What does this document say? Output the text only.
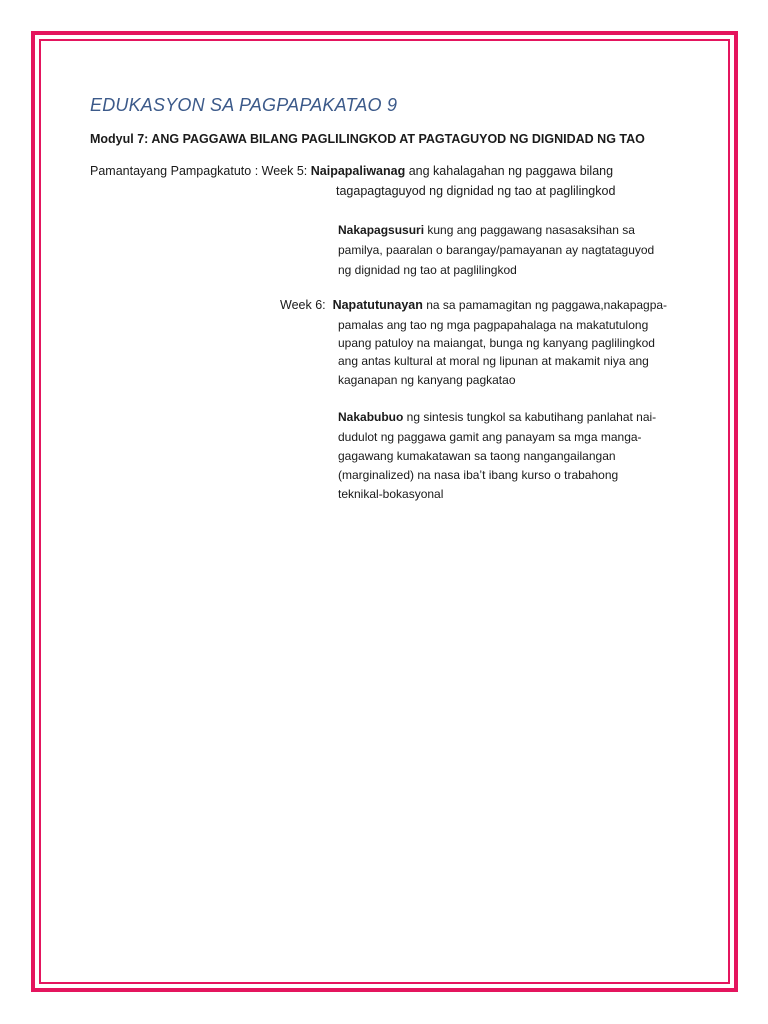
EDUKASYON SA PAGPAPAKATAO 9
Modyul 7: ANG PAGGAWA BILANG PAGLILINGKOD AT PAGTAGUYOD NG DIGNIDAD NG TAO
Pamantayang Pampagkatuto : Week 5: Naipapaliwanag ang kahalagahan ng paggawa bilang
tagapagtaguyod ng dignidad ng tao at paglilingkod
Nakapagsusuri kung ang paggawang nasasaksihan sa
pamilya, paaralan o barangay/pamayanan ay nagtataguyod
ng dignidad ng tao at paglilingkod
Week 6: Napatutunayan na sa pamamagitan ng paggawa,nakapagpa-
pamalas ang tao ng mga pagpapahalaga na makatutulong
upang patuloy na maiangat, bunga ng kanyang paglilingkod
ang antas kultural at moral ng lipunan at makamit niya ang
kaganapan ng kanyang pagkatao
Nakabubuo ng sintesis tungkol sa kabutihang panlahat nai-
dudulot ng paggawa gamit ang panayam sa mga manga-
gagawang kumakatawan sa taong nangangailangan
(marginalized) na nasa iba’t ibang kurso o trabahong
teknikal-bokasyonal
